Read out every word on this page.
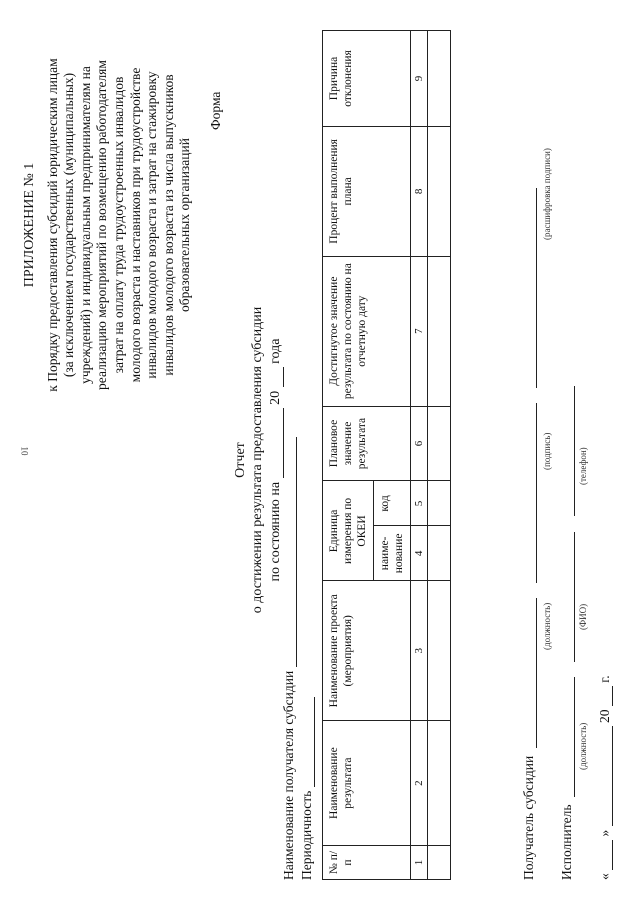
10
ПРИЛОЖЕНИЕ № 1 к Порядку предоставления субсидий юридическим лицам (за исключением государственных (муниципальных) учреждений) и индивидуальным предпринимателям на реализацию мероприятий по возмещению работодателям затрат на оплату труда трудоустроенных инвалидов молодого возраста и наставников при трудоустройстве инвалидов молодого возраста и затрат на стажировку инвалидов молодого возраста из числа выпускников образовательных организаций
Форма
Отчет о достижении результата предоставления субсидии по состоянию на   20   года
Наименование получателя субсидии Периодичность № п/п	Наименование результата	Наименование проекта (мероприятия)	Единица измерения по ОКЕИ		Плановое значение результата	Достигнутое значение результата по состоянию на отчетную дату	Процент выполнения плана	Причина отклонения
			наиме- нование	код				
1	2	3	4	5	6	7	8	9

Получатель субсидии
(должность)
(подпись)
(расшифровка подписи)
Исполнитель
(должность)
(ФИО)
(телефон)
«   »   20   г.
